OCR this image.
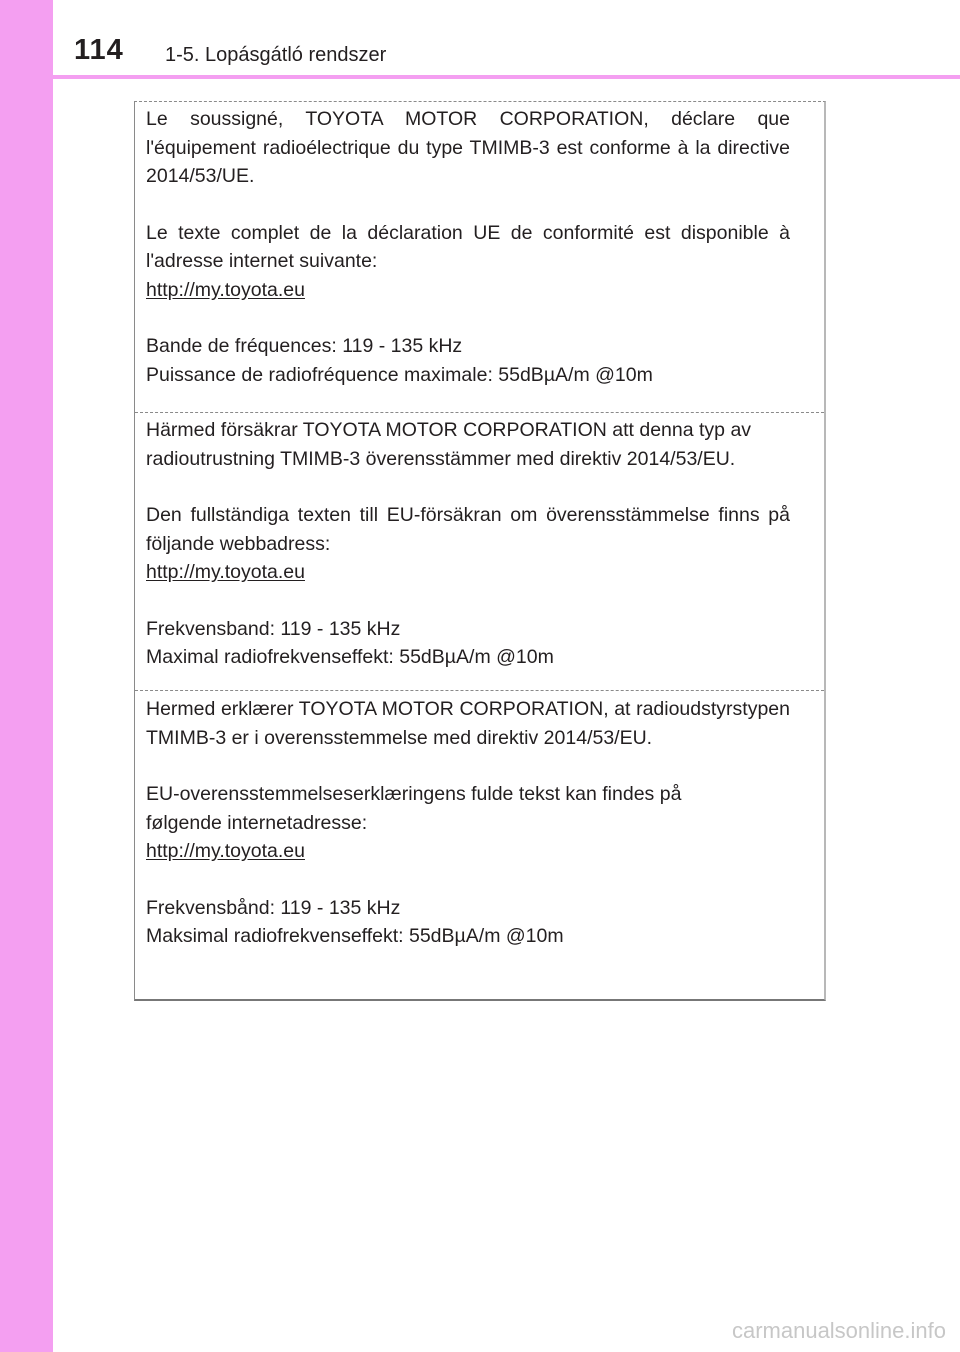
114 1-5. Lopásgátló rendszer

Le soussigné, TOYOTA MOTOR CORPORATION, déclare que l'équipement radioélectrique du type TMIMB-3 est conforme à la directive 2014/53/UE.

Le texte complet de la déclaration UE de conformité est disponible à l'adresse internet suivante:

http://my.toyota.eu

Bande de fréquences: 119 - 135 kHz

Puissance de radiofréquence maximale: 55dBµA/m @10m

Härmed försäkrar TOYOTA MOTOR CORPORATION att denna typ av radioutrustning TMIMB-3 överensstämmer med direktiv 2014/53/EU.

Den fullständiga texten till EU-försäkran om överensstämmelse finns på följande webbadress:

http://my.toyota.eu

Frekvensband: 119 - 135 kHz

Maximal radiofrekvenseffekt: 55dBµA/m @10m

Hermed erklærer TOYOTA MOTOR CORPORATION, at radioudstyrstypen TMIMB-3 er i overensstemmelse med direktiv 2014/53/EU.

EU-overensstemmelseserklæringens fulde tekst kan findes på

følgende internetadresse:

http://my.toyota.eu

Frekvensbånd: 119 - 135 kHz

Maksimal radiofrekvenseffekt: 55dBµA/m @10m

carmanualsonline.info
